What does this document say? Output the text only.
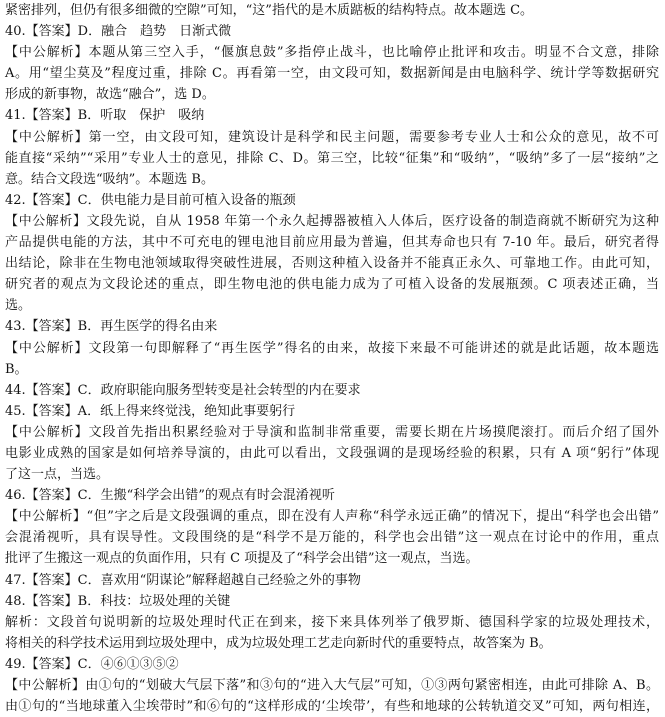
紧密排列，但仍有很多细微的空隙”可知，“这”指代的是木质踮板的结构特点。故本题选 C。
40.【答案】D．融合　趋势　日渐式微
【中公解析】本题从第三空入手，“偃旗息鼓”多指停止战斗，也比喻停止批评和攻击。明显不合文意，排除
A。用“望尘莫及”程度过重，排除 C。再看第一空，由文段可知，数据新闻是由电脑科学、统计学等数据研究
形成的新事物，故选“融合”，选 D。
41.【答案】B．听取　保护　吸纳
【中公解析】第一空，由文段可知，建筑设计是科学和民主问题，需要参考专业人士和公众的意见，故不可
能直接“采纳”“采用”专业人士的意见，排除 C、D。第三空，比较“征集”和“吸纳”，“吸纳”多了一层“接纳”之
意。结合文段选“吸纳”。本题选 B。
42.【答案】C．供电能力是目前可植入设备的瓶颈
【中公解析】文段先说，自从 1958 年第一个永久起搏器被植入人体后，医疗设备的制造商就不断研究为这种
产品提供电能的方法，其中不可充电的锂电池目前应用最为普遍，但其寿命也只有 7-10 年。最后，研究者得
出结论，除非在生物电池领域取得突破性进展，否则这种植入设备并不能真正永久、可靠地工作。由此可知，
研究者的观点为文段论述的重点，即生物电池的供电能力成为了可植入设备的发展瓶颈。C 项表述正确，当
选。
43.【答案】B．再生医学的得名由来
【中公解析】文段第一句即解释了“再生医学”得名的由来，故接下来最不可能讲述的就是此话题，故本题选
B。
44.【答案】C．政府职能向服务型转变是社会转型的内在要求
45.【答案】A．纸上得来终觉浅，绝知此事要躬行
【中公解析】文段首先指出积累经验对于导演和监制非常重要，需要长期在片场摸爬滚打。而后介绍了国外
电影业成熟的国家是如何培养导演的，由此可以看出，文段强调的是现场经验的积累，只有 A 项“躬行”体现
了这一点，当选。
46.【答案】C．生搬“科学会出错”的观点有时会混淆视听
【中公解析】“但”字之后是文段强调的重点，即在没有人声称“科学永远正确”的情况下，提出“科学也会出错”
会混淆视听，具有误导性。文段围绕的是“科学不是万能的，科学也会出错”这一观点在讨论中的作用，重点
批评了生搬这一观点的负面作用，只有 C 项提及了“科学会出错”这一观点，当选。
47.【答案】C．喜欢用“阴谋论”解释超越自己经验之外的事物
48.【答案】B．科技：垃圾处理的关键
解析：文段首句说明新的垃圾处理时代正在到来，接下来具体列举了俄罗斯、德国科学家的垃圾处理技术，
将相关的科学技术运用到垃圾处理中，成为垃圾处理工艺走向新时代的重要特点，故答案为 B。
49.【答案】C．④⑥①③⑤②
【中公解析】由①句的“划破大气层下落”和③句的“进入大气层”可知，①③两句紧密相连，由此可排除 A、B。
由①句的“当地球董入尘埃带时”和⑥句的“这样形成的‘尘埃带’，有些和地球的公转轨道交叉”可知，两句相连，
